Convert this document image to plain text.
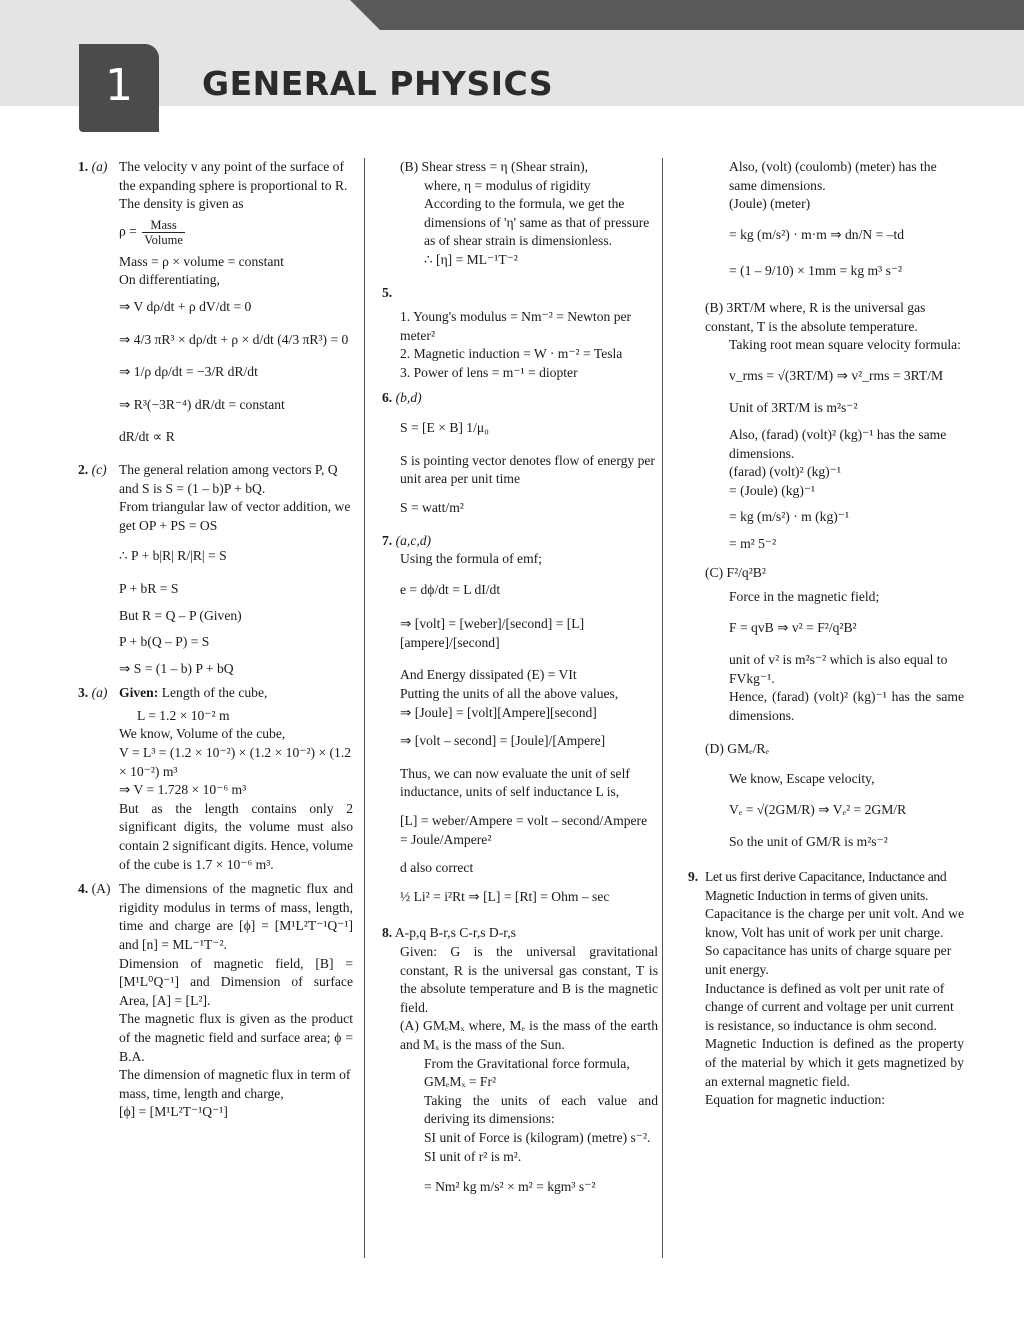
1	GENERAL PHYSICS
1. (a) The velocity v any point of the surface of the expanding sphere is proportional to R.

The density is given as

$\rho = \frac{\text{Mass}}{\text{Volume}}$

Mass = ρ × volume = constant

On differentiating,

⇒ V dρ/dt + ρ dV/dt = 0

⇒ 4/3 πR³ × dρ/dt + ρ × d/dt (4/3 πR³) = 0

⇒ 1/ρ dρ/dt = −3/R dR/dt

⇒ R³(−3R⁻⁴) dR/dt = constant

dR/dt ∝ R

2. (c) The general relation among vectors P, Q and S is S = (1 – b)P + bQ.

From triangular law of vector addition, we get OP + PS = OS

∴ P + b|R| R/|R| = S

P + bR = S

But R = Q – P (Given)

P + b(Q – P) = S

⇒ S = (1 – b) P + bQ

3. (a) Given: Length of the cube,

L = 1.2 × 10⁻² m

We know, Volume of the cube,

V = L³ = (1.2 × 10⁻²) × (1.2 × 10⁻²) × (1.2 × 10⁻²) m³

⇒ V = 1.728 × 10⁻⁶ m³

But as the length contains only 2 significant digits, the volume must also contain 2 significant digits. Hence, volume of the cube is 1.7 × 10⁻⁶ m³.

4. (A) The dimensions of the magnetic flux and rigidity modulus in terms of mass, length, time and charge are [ϕ] = [M¹L²T⁻¹Q⁻¹] and [n] = ML⁻¹T⁻².

Dimension of magnetic field, [B] = [M¹L⁰Q⁻¹] and Dimension of surface Area, [A] = [L²].

The magnetic flux is given as the product of the magnetic field and surface area; ϕ = B.A.

The dimension of magnetic flux in term of mass, time, length and charge,

[ϕ] = [M¹L²T⁻¹Q⁻¹]

(B) Shear stress = η (Shear strain),

where, η = modulus of rigidity

According to the formula, we get the dimensions of 'η' same as that of pressure as of shear strain is dimensionless.

∴ [η] = ML⁻¹T⁻²

5.

1. Young's modulus = Nm⁻² = Newton per meter²

2. Magnetic induction = W · m⁻² = Tesla

3. Power of lens = m⁻¹ = diopter

6. (b,d)

S = [E × B] 1/μ₀

S is pointing vector denotes flow of energy per unit area per unit time

S = watt/m²

7. (a,c,d)

Using the formula of emf;

e = dϕ/dt = L dI/dt

⇒ [volt] = [weber]/[second] = [L] [ampere]/[second]

And Energy dissipated (E) = VIt

Putting the units of all the above values,

⇒ [Joule] = [volt][Ampere][second]

⇒ [volt – second] = [Joule]/[Ampere]

Thus, we can now evaluate the unit of self inductance, units of self inductance L is,

[L] = weber/Ampere = volt – second/Ampere = Joule/Ampere²

d also correct

½ Li² = i²Rt ⇒ [L] = [Rt] = Ohm – sec

8. A-p,q B-r,s C-r,s D-r,s

Given: G is the universal gravitational constant, R is the universal gas constant, T is the absolute temperature and B is the magnetic field.

(A) GMₑMₓ where, Mₑ is the mass of the earth and Mₓ is the mass of the Sun.

From the Gravitational force formula,

GMₑMₓ = Fr²

Taking the units of each value and deriving its dimensions:

SI unit of Force is (kilogram) (metre) s⁻².

SI unit of r² is m².

= Nm² kg m/s² × m² = kgm³ s⁻²

Also, (volt) (coulomb) (meter) has the same dimensions.

(Joule) (meter)

= kg (m/s²) · m·m ⇒ dn/N = –td

= (1 – 9/10) × 1mm = kg m³ s⁻²

(B) 3RT/M where, R is the universal gas constant, T is the absolute temperature.

Taking root mean square velocity formula:

v_rms = √(3RT/M) ⇒ v²_rms = 3RT/M

Unit of 3RT/M is m²s⁻²

Also, (farad) (volt)² (kg)⁻¹ has the same dimensions.

(farad) (volt)² (kg)⁻¹

= (Joule) (kg)⁻¹

= kg (m/s²) · m (kg)⁻¹

= m² 5⁻²

(C) F²/q²B²

Force in the magnetic field;

F = qvB ⇒ v² = F²/q²B²

unit of v² is m²s⁻² which is also equal to FVkg⁻¹.

Hence, (farad) (volt)² (kg)⁻¹ has the same dimensions.

(D) GMₑ/Rₑ

We know, Escape velocity,

Vₑ = √(2GM/R) ⇒ Vₑ² = 2GM/R

So the unit of GM/R is m²s⁻²

9. Let us first derive Capacitance, Inductance and Magnetic Induction in terms of given units.

Capacitance is the charge per unit volt. And we know, Volt has unit of work per unit charge.

So capacitance has units of charge square per unit energy.

Inductance is defined as volt per unit rate of change of current and voltage per unit current is resistance, so inductance is ohm second.

Magnetic Induction is defined as the property of the material by which it gets magnetized by an external magnetic field.

Equation for magnetic induction:
